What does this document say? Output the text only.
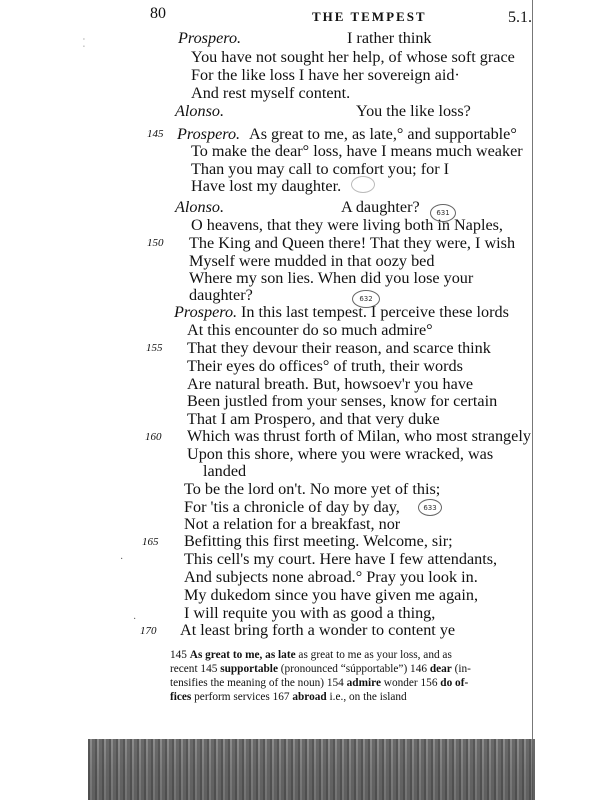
80	THE TEMPEST	5.1.
⁚	Prospero.	I rather think
You have not sought her help, of whose soft grace
For the like loss I have her sovereign aid·
And rest myself content.
Alonso.	You the like loss?
145 Prospero. As great to me, as late,° and supportable°
To make the dear° loss, have I means much weaker
Than you may call to comfort you; for I
Have lost my daughter.
Alonso.	A daughter?	631
O heavens, that they were living both in Naples,
150 The King and Queen there! That they were, I wish
Myself were mudded in that oozy bed
Where my son lies. When did you lose your
daughter?	632
Prospero. In this last tempest. I perceive these lords
At this encounter do so much admire°
155 That they devour their reason, and scarce think
Their eyes do offices° of truth, their words
Are natural breath. But, howsoev'r you have
Been justled from your senses, know for certain
That I am Prospero, and that very duke
160 Which was thrust forth of Milan, who most strangely
Upon this shore, where you were wracked, was
landed
To be the lord on't. No more yet of this;
For 'tis a chronicle of day by day,
Not a relation for a breakfast, nor
633
165 Befitting this first meeting. Welcome, sir;
This cell's my court. Here have I few attendants,
And subjects none abroad.° Pray you look in.
My dukedom since you have given me again,
I will requite you with as good a thing,
170 At least bring forth a wonder to content ye
145 As great to me, as late as great to me as your loss, and as
recent 145 supportable (pronounced “súpportable”) 146 dear (in-
tensifies the meaning of the noun) 154 admire wonder 156 do of-
fices perform services 167 abroad i.e., on the island
·
·
